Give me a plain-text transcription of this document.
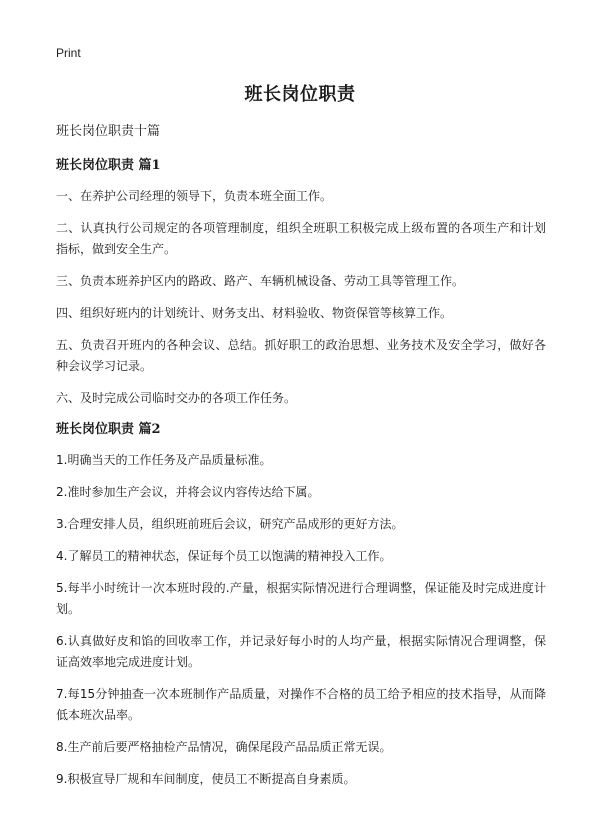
Print
班长岗位职责

班长岗位职责十篇

班长岗位职责 篇1

一、在养护公司经理的领导下，负责本班全面工作。

二、认真执行公司规定的各项管理制度，组织全班职工积极完成上级布置的各项生产和计划指标，做到安全生产。

三、负责本班养护区内的路政、路产、车辆机械设备、劳动工具等管理工作。

四、组织好班内的计划统计、财务支出、材料验收、物资保管等核算工作。

五、负责召开班内的各种会议、总结。抓好职工的政治思想、业务技术及安全学习，做好各种会议学习记录。

六、及时完成公司临时交办的各项工作任务。

班长岗位职责 篇2

1.明确当天的工作任务及产品质量标准。

2.准时参加生产会议，并将会议内容传达给下属。

3.合理安排人员，组织班前班后会议，研究产品成形的更好方法。

4.了解员工的精神状态，保证每个员工以饱满的精神投入工作。

5.每半小时统计一次本班时段的.产量，根据实际情况进行合理调整，保证能及时完成进度计划。

6.认真做好皮和馅的回收率工作，并记录好每小时的人均产量，根据实际情况合理调整，保证高效率地完成进度计划。

7.每15分钟抽查一次本班制作产品质量，对操作不合格的员工给予相应的技术指导，从而降低本班次品率。

8.生产前后要严格抽检产品情况，确保尾段产品品质正常无误。

9.积极宣导厂规和车间制度，使员工不断提高自身素质。
